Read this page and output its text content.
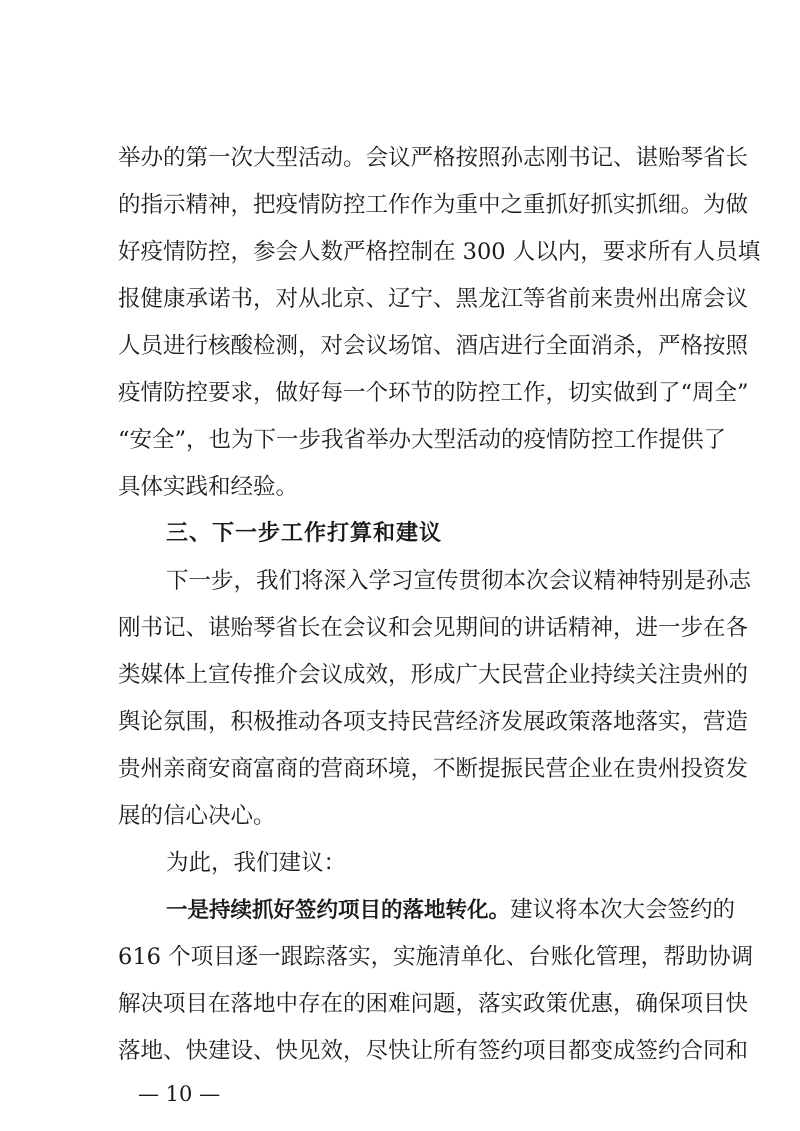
举办的第一次大型活动。会议严格按照孙志刚书记、谌贻琴省长
的指示精神，把疫情防控工作作为重中之重抓好抓实抓细。为做
好疫情防控，参会人数严格控制在 300 人以内，要求所有人员填
报健康承诺书，对从北京、辽宁、黑龙江等省前来贵州出席会议
人员进行核酸检测，对会议场馆、酒店进行全面消杀，严格按照
疫情防控要求，做好每一个环节的防控工作，切实做到了“周全”
“安全”，也为下一步我省举办大型活动的疫情防控工作提供了
具体实践和经验。
三、下一步工作打算和建议
下一步，我们将深入学习宣传贯彻本次会议精神特别是孙志
刚书记、谌贻琴省长在会议和会见期间的讲话精神，进一步在各
类媒体上宣传推介会议成效，形成广大民营企业持续关注贵州的
舆论氛围，积极推动各项支持民营经济发展政策落地落实，营造
贵州亲商安商富商的营商环境，不断提振民营企业在贵州投资发
展的信心决心。
为此，我们建议：
一是持续抓好签约项目的落地转化。建议将本次大会签约的
616 个项目逐一跟踪落实，实施清单化、台账化管理，帮助协调
解决项目在落地中存在的困难问题，落实政策优惠，确保项目快
落地、快建设、快见效，尽快让所有签约项目都变成签约合同和
— 10 —
